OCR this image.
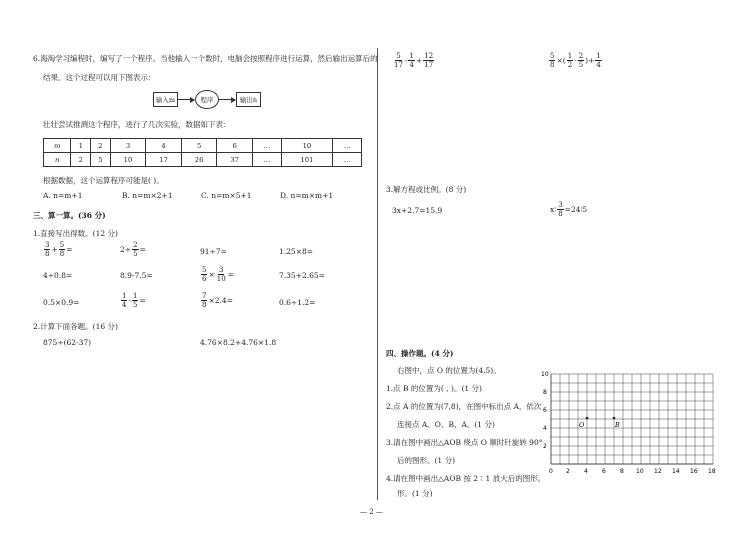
6.海淘学习编程时，编写了一个程序。当他输入一个数时，电脑会按照程序进行运算，然后输出运算后的
结果。这个过程可以用下图表示：
输入m	程序	输出n
壮壮尝试推测这个程序，进行了几次实验，数据如下表：
m	1	2	3	4	5	6	…	10	…
n	2	5	10	17	26	37	…	101	…
根据数据，这个运算程序可能是( )。
A. n=m+1	B. n=m×2+1	C. n=m×5+1	D. n=m×m+1
三、算一算。(36 分)
1.直接写出得数。(12 分)
$\frac{3}{8} + \frac{5}{8}$ =	$2\div \frac{2}{5}$ =	91÷7=	1.25×8=
4÷0.8=	8.9-7.5=	$\frac{5}{6} \times \frac{3}{10}$ =	7.35+2.65=
0.5×0.9=	$\frac{1}{4} - \frac{1}{5}$ =	$\frac{7}{8} \times 2.4=$	0.6÷1.2=
2.计算下面各题。(16 分)
875÷(62-37)	4.76×8.2+4.76×1.8
$\frac{5}{17} - \frac{1}{4} + \frac{12}{17}$	$\frac{5}{8}$ ×( $\frac{1}{2} - \frac{2}{5}$ )+ $\frac{1}{4}$
3.解方程或比例。(8 分)
3x+2.7=15.9	x∶ $\frac{3}{8}$ =24∶5
四、操作题。(4 分)
右图中，点 O 的位置为(4,5)。
1.点 B 的位置为( , )。(1 分)
2.点 A 的位置为(7,8)，在图中标出点 A，依次
连接点 A、O、B、A。(1 分)
3.请在图中画出△AOB 绕点 O 顺时针旋转 90°
后的图形。(1 分)
4.请在图中画出△AOB 按 2∶1 放大后的图形。
形。(1 分)
10
8
6
4
2
0 2 4 6 8 10 12 14 16 18
O	B
— 2 —
